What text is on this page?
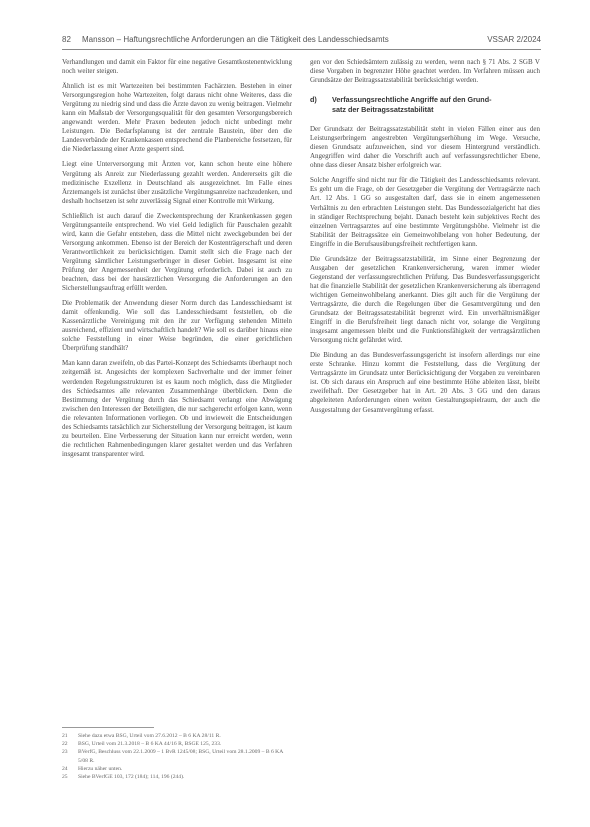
82 Mansson – Haftungsrechtliche Anforderungen an die Tätigkeit des Landesschiedsamts	VSSAR 2/2024

Verhandlungen und damit ein Faktor für eine negative Gesamtkostenentwicklung noch weiter steigen.

Ähnlich ist es mit Wartezeiten bei bestimmten Fachärzten. Bestehen in einer Versorgungsregion hohe Wartezeiten, folgt daraus nicht ohne Weiteres, dass die Vergütung zu niedrig sind und dass die Ärzte davon zu wenig beitragen. Vielmehr kann ein Maßstab der Versorgungsqualität für den gesamten Versorgungsbereich angewandt werden. Mehr Praxen bedeuten jedoch nicht unbedingt mehr Leistungen. Die Bedarfsplanung ist der zentrale Baustein, über den die Landesverbände der Krankenkassen entsprechend die Planbereiche festsetzen, für die Niederlassung einer Arzte gesperrt sind.

Liegt eine Unterversorgung mit Ärzten vor, kann schon heute eine höhere Vergütung als Anreiz zur Niederlassung gezahlt werden. Andererseits gilt die medizinische Exzellenz in Deutschland als ausgezeichnet. Im Falle eines Ärztemangels ist zunächst über zusätzliche Vergütungsanreize nachzudenken, und deshalb hochsetzen ist sehr zuverlässig Signal einer Kontrolle mit Wirkung.

Schließlich ist auch darauf die Zweckentsprechung der Krankenkassen gegen Vergütungsanteile entsprechend. Wo viel Geld lediglich für Pauschalen gezahlt wird, kann die Gefahr entstehen, dass die Mittel nicht zweckgebunden bei der Versorgung ankommen. Ebenso ist der Bereich der Kostenträgerschaft und deren Verantwortlichkeit zu berücksichtigen. Damit stellt sich die Frage nach der Vergütung sämtlicher Leistungserbringer in dieser Gebiet. Insgesamt ist eine Prüfung der Angemessenheit der Vergütung erforderlich. Dabei ist auch zu beachten, dass bei der hausärztlichen Versorgung die Anforderungen an den Sicherstellungsauftrag erfüllt werden.

Die Problematik der Anwendung dieser Norm durch das Landesschiedsamt ist damit offenkundig. Wie soll das Landesschiedsamt feststellen, ob die Kassenärztliche Vereinigung mit den ihr zur Verfügung stehenden Mitteln ausreichend, effizient und wirtschaftlich handelt? Wie soll es darüber hinaus eine solche Feststellung in einer Weise begründen, die einer gerichtlichen Überprüfung standhält?

Man kann daran zweifeln, ob das Partei-Konzept des Schiedsamts überhaupt noch zeitgemäß ist. Angesichts der komplexen Sachverhalte und der immer feiner werdenden Regelungsstrukturen ist es kaum noch möglich, dass die Mitglieder des Schiedsamtes alle relevanten Zusammenhänge überblicken. Denn die Bestimmung der Vergütung durch das Schiedsamt verlangt eine Abwägung zwischen den Interessen der Beteiligten, die nur sachgerecht erfolgen kann, wenn die relevanten Informationen vorliegen. Ob und inwieweit die Entscheidungen des Schiedsamts tatsächlich zur Sicherstellung der Versorgung beitragen, ist kaum zu beurteilen. Eine Verbesserung der Situation kann nur erreicht werden, wenn die rechtlichen Rahmenbedingungen klarer gestaltet werden und das Verfahren insgesamt transparenter wird.

gen vor den Schiedsämtern zulässig zu werden, wenn nach § 71 Abs. 2 SGB V diese Vorgaben in begrenzter Höhe geachtet werden. Im Verfahren müssen auch Grundsätze der Beitragssatzstabilität berücksichtigt werden.

d) Verfassungsrechtliche Angriffe auf den Grund-
satz der Beitragssatzstabilität

Der Grundsatz der Beitragssatzstabilität steht in vielen Fällen einer aus den Leistungserbringern angestrebten Vergütungserhöhung im Wege. Versuche, diesen Grundsatz aufzuweichen, sind vor diesem Hintergrund verständlich. Angegriffen wird daher die Vorschrift auch auf verfassungsrechtlicher Ebene, ohne dass dieser Ansatz bisher erfolgreich war.

Solche Angriffe sind nicht nur für die Tätigkeit des Landesschiedsamts relevant. Es geht um die Frage, ob der Gesetzgeber die Vergütung der Vertragsärzte nach Art. 12 Abs. 1 GG so ausgestalten darf, dass sie in einem angemessenen Verhältnis zu den erbrachten Leistungen steht. Das Bundessozialgericht hat dies in ständiger Rechtsprechung bejaht. Danach besteht kein subjektives Recht des einzelnen Vertragsarztes auf eine bestimmte Vergütungshöhe. Vielmehr ist die Stabilität der Beitragssätze ein Gemeinwohlbelang von hoher Bedeutung, der Eingriffe in die Berufsausübungsfreiheit rechtfertigen kann.

Die Grundsätze der Beitragssatzstabilität, im Sinne einer Begrenzung der Ausgaben der gesetzlichen Krankenversicherung, waren immer wieder Gegenstand der verfassungsrechtlichen Prüfung. Das Bundesverfassungsgericht hat die finanzielle Stabilität der gesetzlichen Krankenversicherung als überragend wichtigen Gemeinwohlbelang anerkannt. Dies gilt auch für die Vergütung der Vertragsärzte, die durch die Regelungen über die Gesamtvergütung und den Grundsatz der Beitragssatzstabilität begrenzt wird. Ein unverhältnismäßiger Eingriff in die Berufsfreiheit liegt danach nicht vor, solange die Vergütung insgesamt angemessen bleibt und die Funktionsfähigkeit der vertragsärztlichen Versorgung nicht gefährdet wird.

Die Bindung an das Bundesverfassungsgericht ist insofern allerdings nur eine erste Schranke. Hinzu kommt die Feststellung, dass die Vergütung der Vertragsärzte im Grundsatz unter Berücksichtigung der Vorgaben zu vereinbaren ist. Ob sich daraus ein Anspruch auf eine bestimmte Höhe ableiten lässt, bleibt zweifelhaft. Der Gesetzgeber hat in Art. 20 Abs. 3 GG und den daraus abgeleiteten Anforderungen einen weiten Gestaltungsspielraum, der auch die Ausgestaltung der Gesamtvergütung erfasst.

21	Siehe dazu etwa BSG, Urteil vom 27.6.2012 – B 6 KA 28/11 R.
22	BSG, Urteil vom 21.3.2018 – B 6 KA 44/16 R, BSGE 125, 233.
23	BVerfG, Beschluss vom 22.1.2009 – 1 BvR 1245/08; BSG, Urteil vom 28.1.2009 – B 6 KA 5/08 R.
24	Hierzu näher unten.
25	Siehe BVerfGE 103, 172 (184); 114, 196 (244).
